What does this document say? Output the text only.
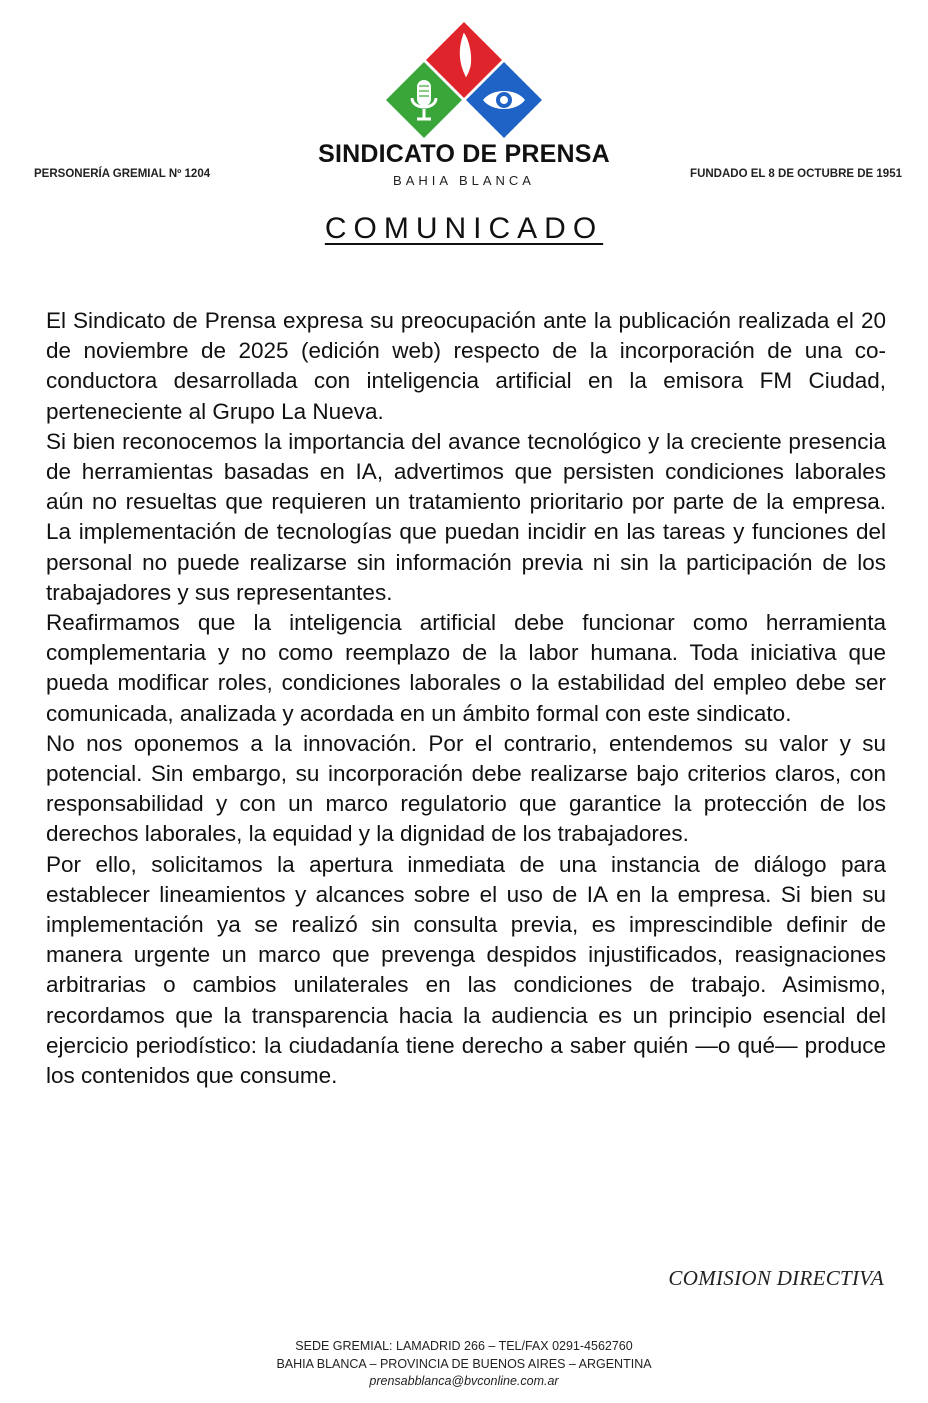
SINDICATO DE PRENSA
BAHIA BLANCA
PERSONERÍA GREMIAL Nº 1204	FUNDADO EL 8 DE OCTUBRE DE 1951
COMUNICADO

El Sindicato de Prensa expresa su preocupación ante la publicación realizada el 20 de noviembre de 2025 (edición web) respecto de la incorporación de una co-conductora desarrollada con inteligencia artificial en la emisora FM Ciudad, perteneciente al Grupo La Nueva.

Si bien reconocemos la importancia del avance tecnológico y la creciente presencia de herramientas basadas en IA, advertimos que persisten condiciones laborales aún no resueltas que requieren un tratamiento prioritario por parte de la empresa. La implementación de tecnologías que puedan incidir en las tareas y funciones del personal no puede realizarse sin información previa ni sin la participación de los trabajadores y sus representantes.

Reafirmamos que la inteligencia artificial debe funcionar como herramienta complementaria y no como reemplazo de la labor humana. Toda iniciativa que pueda modificar roles, condiciones laborales o la estabilidad del empleo debe ser comunicada, analizada y acordada en un ámbito formal con este sindicato.

No nos oponemos a la innovación. Por el contrario, entendemos su valor y su potencial. Sin embargo, su incorporación debe realizarse bajo criterios claros, con responsabilidad y con un marco regulatorio que garantice la protección de los derechos laborales, la equidad y la dignidad de los trabajadores.

Por ello, solicitamos la apertura inmediata de una instancia de diálogo para establecer lineamientos y alcances sobre el uso de IA en la empresa. Si bien su implementación ya se realizó sin consulta previa, es imprescindible definir de manera urgente un marco que prevenga despidos injustificados, reasignaciones arbitrarias o cambios unilaterales en las condiciones de trabajo. Asimismo, recordamos que la transparencia hacia la audiencia es un principio esencial del ejercicio periodístico: la ciudadanía tiene derecho a saber quién —o qué— produce los contenidos que consume.

COMISION DIRECTIVA
SEDE GREMIAL: LAMADRID 266 – TEL/FAX 0291-4562760
BAHIA BLANCA – PROVINCIA DE BUENOS AIRES – ARGENTINA
prensabblanca@bvconline.com.ar
